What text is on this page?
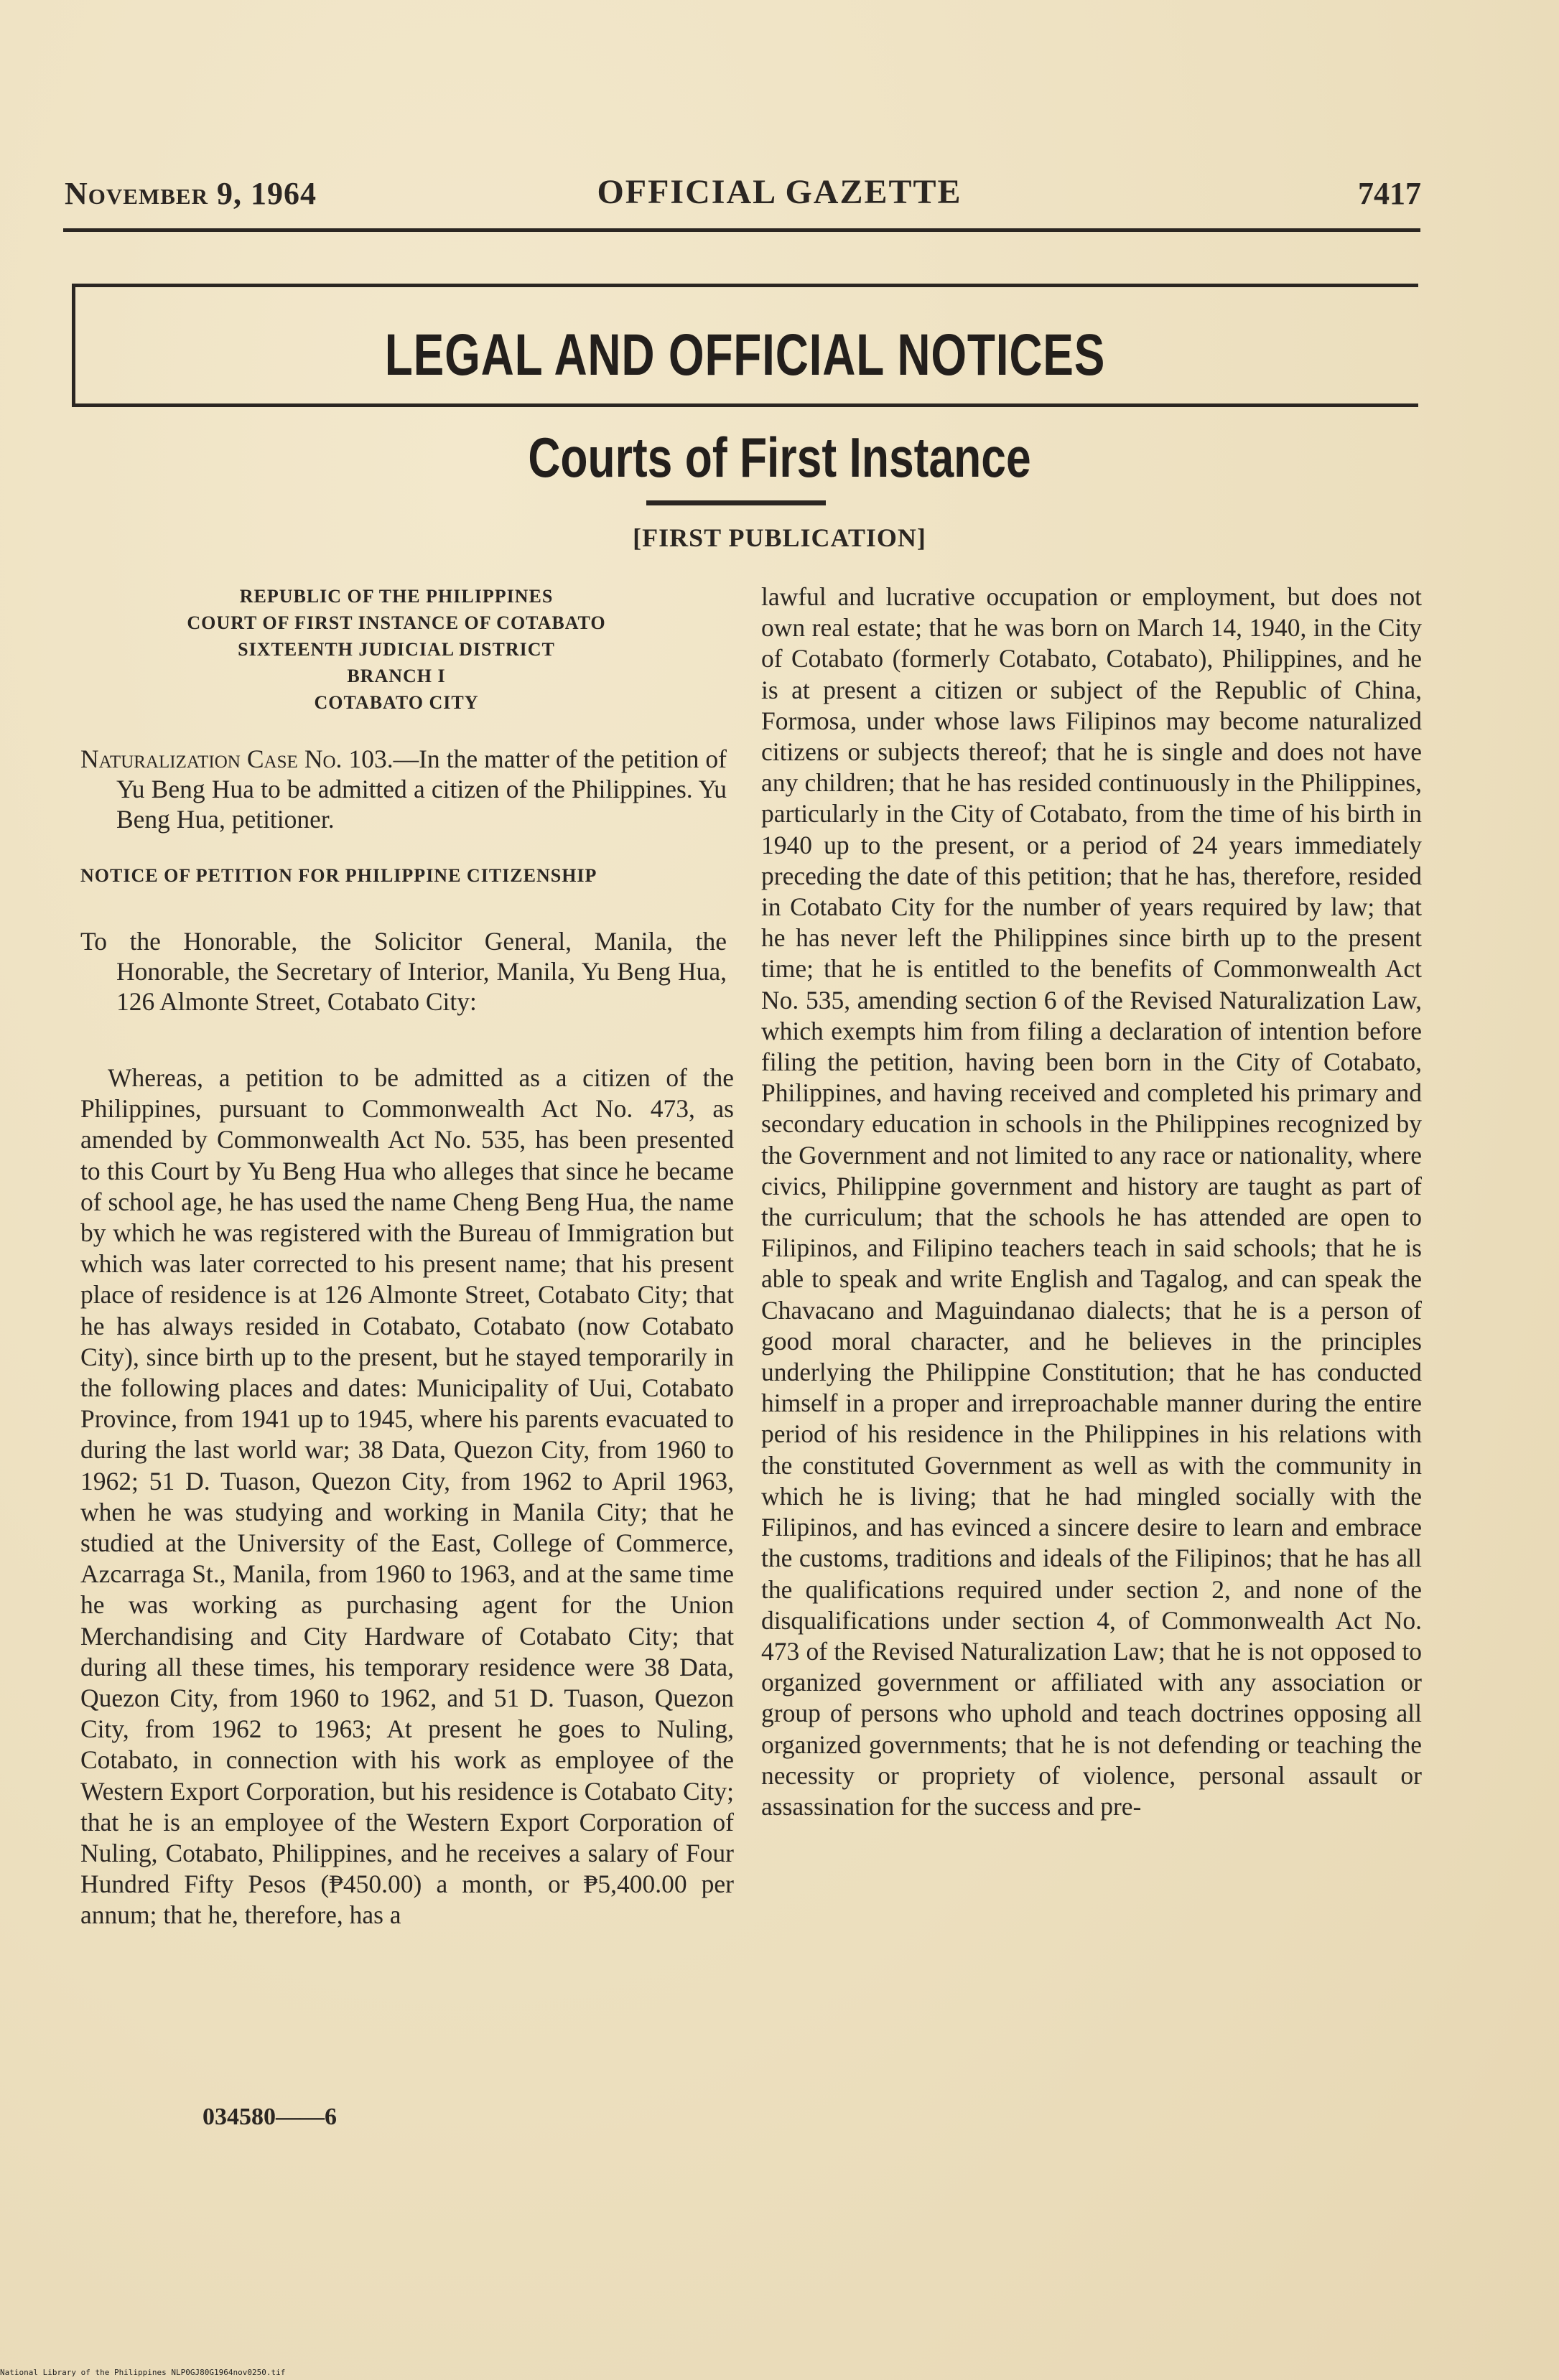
November 9, 1964	OFFICIAL GAZETTE	7417
LEGAL AND OFFICIAL NOTICES
Courts of First Instance
[FIRST PUBLICATION]
REPUBLIC OF THE PHILIPPINES
COURT OF FIRST INSTANCE OF COTABATO
SIXTEENTH JUDICIAL DISTRICT
BRANCH I
COTABATO CITY
Naturalization Case No. 103.—In the matter of the petition of Yu Beng Hua to be admitted a citizen of the Philippines. Yu Beng Hua, petitioner.
NOTICE OF PETITION FOR PHILIPPINE CITIZENSHIP
To the Honorable, the Solicitor General, Manila, the Honorable, the Secretary of Interior, Manila, Yu Beng Hua, 126 Almonte Street, Cotabato City:

Whereas, a petition to be admitted as a citizen of the Philippines, pursuant to Commonwealth Act No. 473, as amended by Commonwealth Act No. 535, has been presented to this Court by Yu Beng Hua who alleges that since he became of school age, he has used the name Cheng Beng Hua, the name by which he was registered with the Bureau of Immigration but which was later corrected to his present name; that his present place of residence is at 126 Almonte Street, Cotabato City; that he has always resided in Cotabato, Cotabato (now Cotabato City), since birth up to the present, but he stayed temporarily in the following places and dates: Municipality of Uui, Cotabato Province, from 1941 up to 1945, where his parents evacuated to during the last world war; 38 Data, Quezon City, from 1960 to 1962; 51 D. Tuason, Quezon City, from 1962 to April 1963, when he was studying and working in Manila City; that he studied at the University of the East, College of Commerce, Azcarraga St., Manila, from 1960 to 1963, and at the same time he was working as purchasing agent for the Union Merchandising and City Hardware of Cotabato City; that during all these times, his temporary residence were 38 Data, Quezon City, from 1960 to 1962, and 51 D. Tuason, Quezon City, from 1962 to 1963; At present he goes to Nuling, Cotabato, in connection with his work as employee of the Western Export Corporation, but his residence is Cotabato City; that he is an employee of the Western Export Corporation of Nuling, Cotabato, Philippines, and he receives a salary of Four Hundred Fifty Pesos (₱450.00) a month, or ₱5,400.00 per annum; that he, therefore, has a

lawful and lucrative occupation or employment, but does not own real estate; that he was born on March 14, 1940, in the City of Cotabato (formerly Cotabato, Cotabato), Philippines, and he is at present a citizen or subject of the Republic of China, Formosa, under whose laws Filipinos may become naturalized citizens or subjects thereof; that he is single and does not have any children; that he has resided continuously in the Philippines, particularly in the City of Cotabato, from the time of his birth in 1940 up to the present, or a period of 24 years immediately preceding the date of this petition; that he has, therefore, resided in Cotabato City for the number of years required by law; that he has never left the Philippines since birth up to the present time; that he is entitled to the benefits of Commonwealth Act No. 535, amending section 6 of the Revised Naturalization Law, which exempts him from filing a declaration of intention before filing the petition, having been born in the City of Cotabato, Philippines, and having received and completed his primary and secondary education in schools in the Philippines recognized by the Government and not limited to any race or nationality, where civics, Philippine government and history are taught as part of the curriculum; that the schools he has attended are open to Filipinos, and Filipino teachers teach in said schools; that he is able to speak and write English and Tagalog, and can speak the Chavacano and Maguindanao dialects; that he is a person of good moral character, and he believes in the principles underlying the Philippine Constitution; that he has conducted himself in a proper and irreproachable manner during the entire period of his residence in the Philippines in his relations with the constituted Government as well as with the community in which he is living; that he had mingled socially with the Filipinos, and has evinced a sincere desire to learn and embrace the customs, traditions and ideals of the Filipinos; that he has all the qualifications required under section 2, and none of the disqualifications under section 4, of Commonwealth Act No. 473 of the Revised Naturalization Law; that he is not opposed to organized government or affiliated with any association or group of persons who uphold and teach doctrines opposing all organized governments; that he is not defending or teaching the necessity or propriety of violence, personal assault or assassination for the success and pre-

034580——6
National Library of the Philippines NLP0GJ80G1964nov0250.tif
